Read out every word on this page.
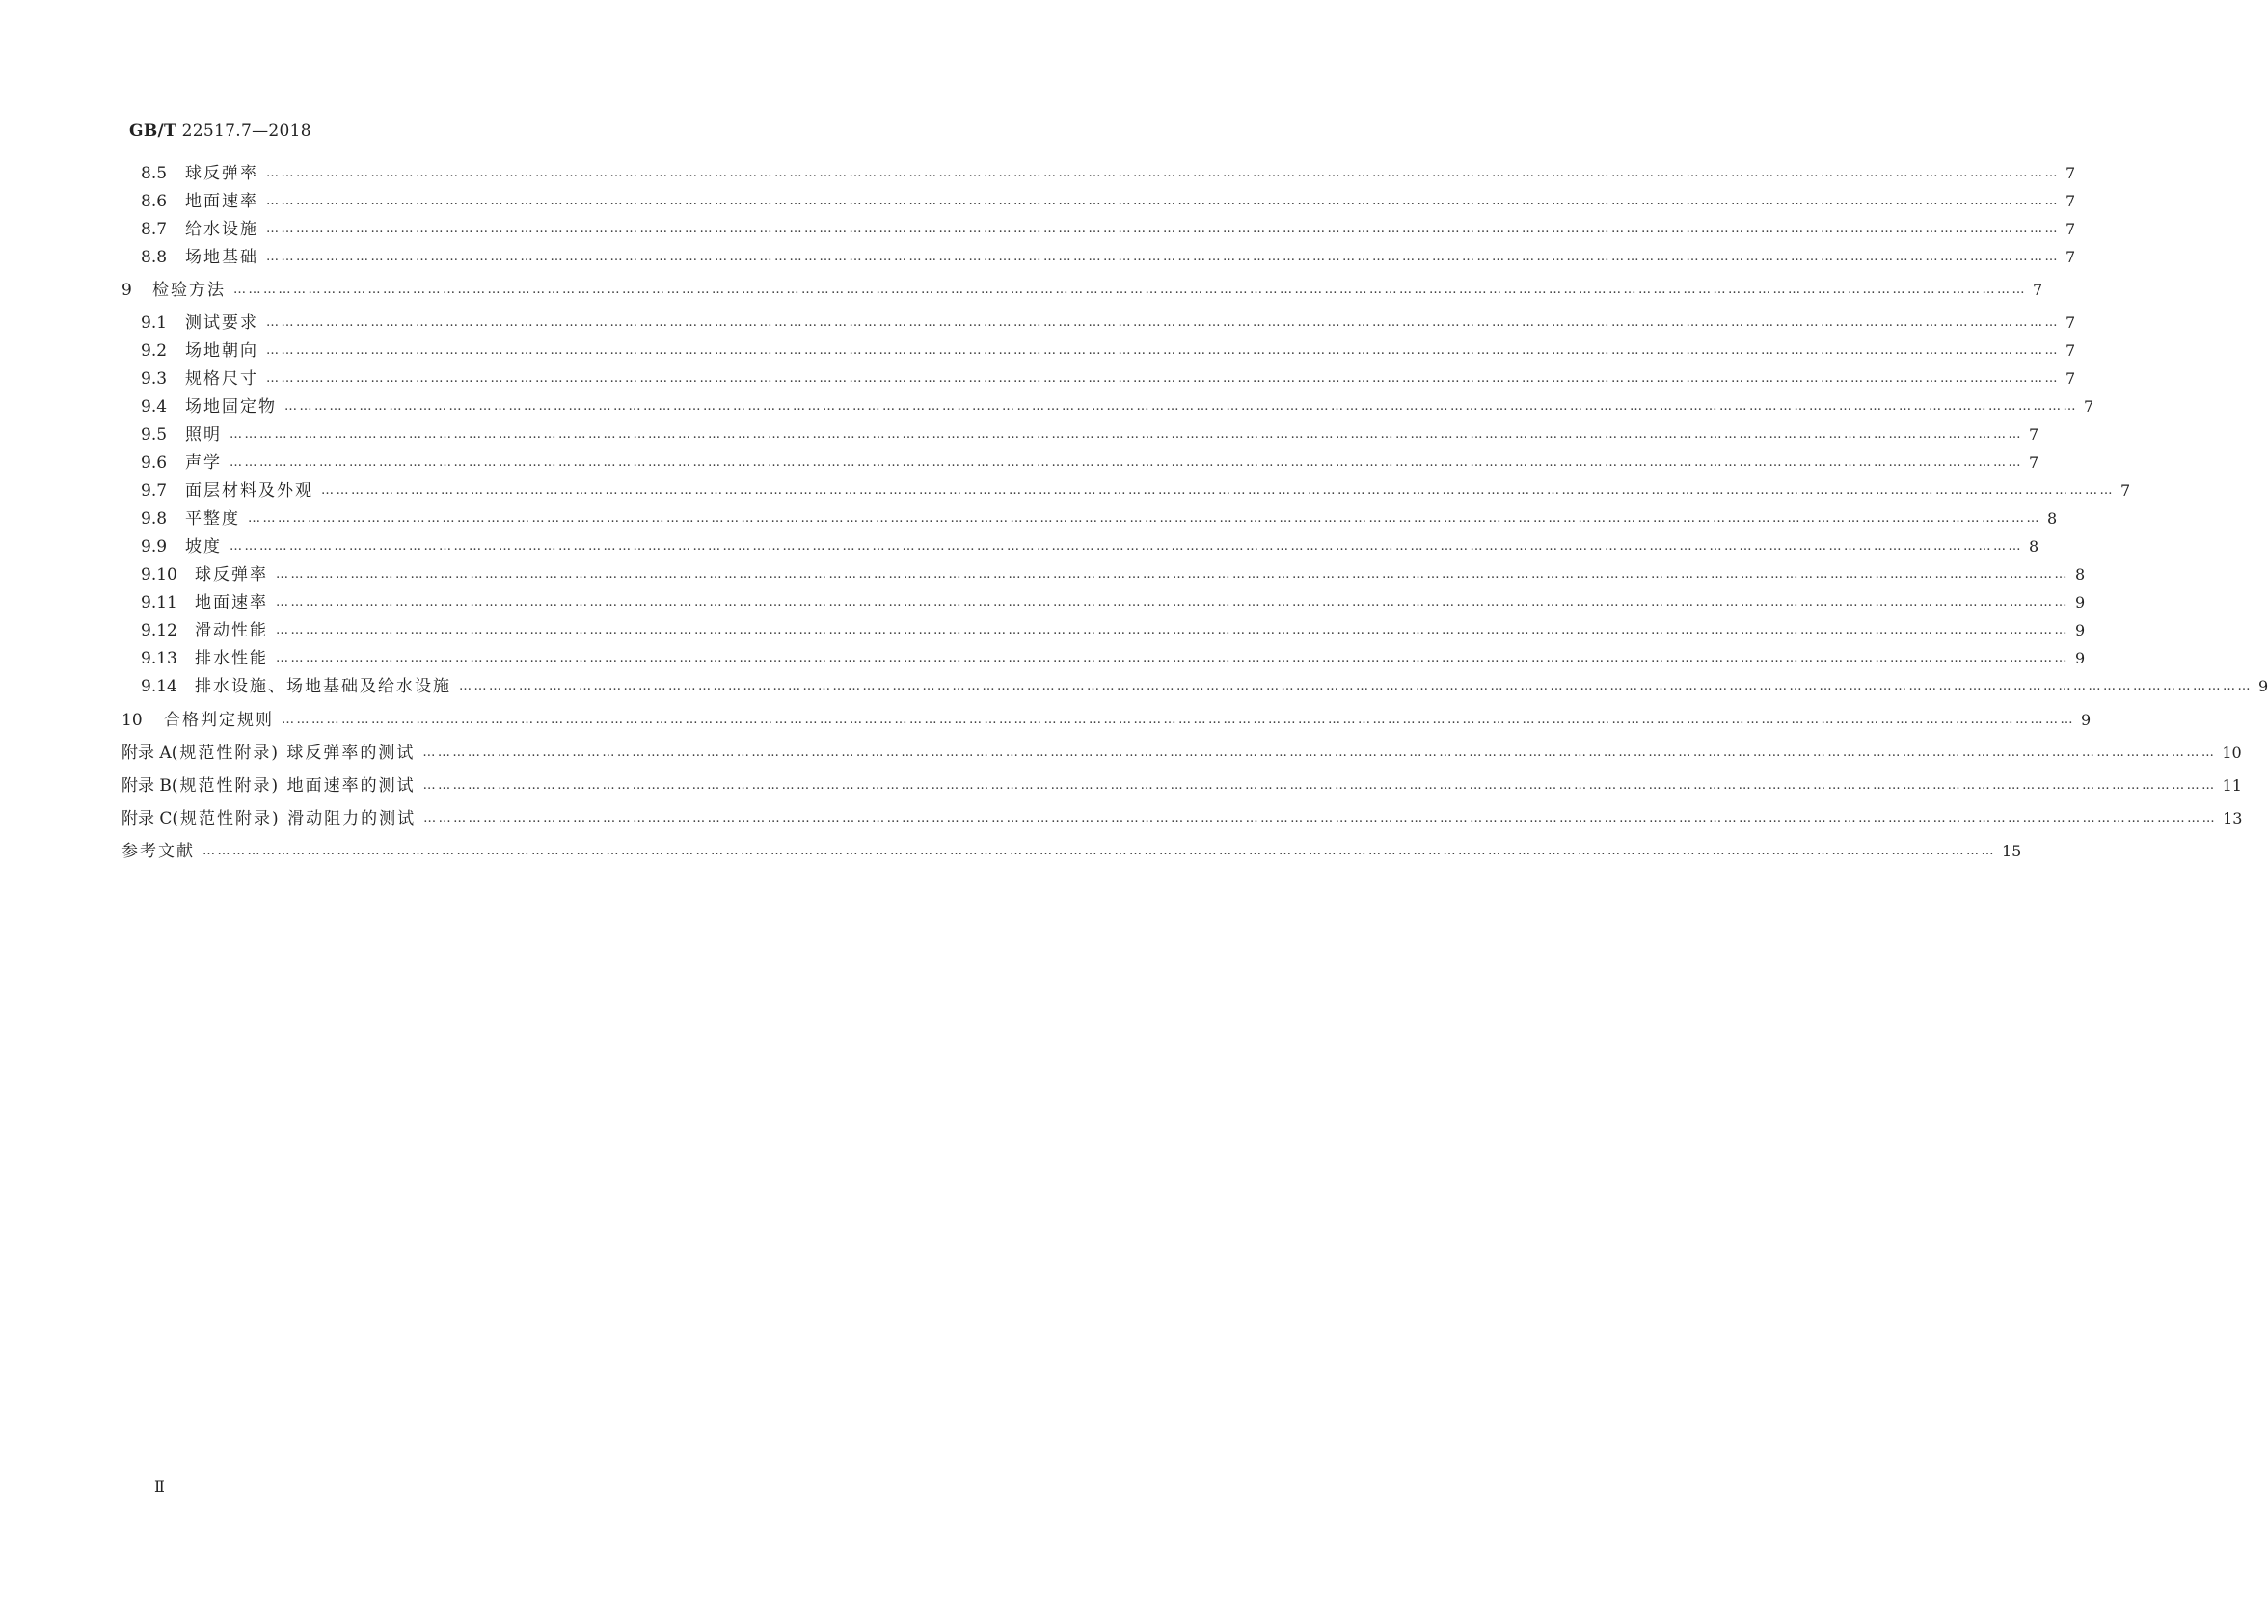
GB/T 22517.7—2018
8.5	球反弹率 ……………………………………………………………………………………………………………………………………………………………………………………………………………………………………………………………………………………………………………………………… 7
8.6	地面速率 ……………………………………………………………………………………………………………………………………………………………………………………………………………………………………………………………………………………………………………………………… 7
8.7	给水设施 ……………………………………………………………………………………………………………………………………………………………………………………………………………………………………………………………………………………………………………………………… 7
8.8	场地基础 ……………………………………………………………………………………………………………………………………………………………………………………………………………………………………………………………………………………………………………………………… 7
9	检验方法 ……………………………………………………………………………………………………………………………………………………………………………………………………………………………………………………………………………………………………………………………… 7
9.1	测试要求 ……………………………………………………………………………………………………………………………………………………………………………………………………………………………………………………………………………………………………………………………… 7
9.2	场地朝向 ……………………………………………………………………………………………………………………………………………………………………………………………………………………………………………………………………………………………………………………………… 7
9.3	规格尺寸 ……………………………………………………………………………………………………………………………………………………………………………………………………………………………………………………………………………………………………………………………… 7
9.4	场地固定物 ……………………………………………………………………………………………………………………………………………………………………………………………………………………………………………………………………………………………………………………………… 7
9.5	照明 ……………………………………………………………………………………………………………………………………………………………………………………………………………………………………………………………………………………………………………………………… 7
9.6	声学 ……………………………………………………………………………………………………………………………………………………………………………………………………………………………………………………………………………………………………………………………… 7
9.7	面层材料及外观 ……………………………………………………………………………………………………………………………………………………………………………………………………………………………………………………………………………………………………………………………… 7
9.8	平整度 ……………………………………………………………………………………………………………………………………………………………………………………………………………………………………………………………………………………………………………………………… 8
9.9	坡度 ……………………………………………………………………………………………………………………………………………………………………………………………………………………………………………………………………………………………………………………………… 8
9.10	球反弹率 ……………………………………………………………………………………………………………………………………………………………………………………………………………………………………………………………………………………………………………………………… 8
9.11	地面速率 ……………………………………………………………………………………………………………………………………………………………………………………………………………………………………………………………………………………………………………………………… 9
9.12	滑动性能 ……………………………………………………………………………………………………………………………………………………………………………………………………………………………………………………………………………………………………………………………… 9
9.13	排水性能 ……………………………………………………………………………………………………………………………………………………………………………………………………………………………………………………………………………………………………………………………… 9
9.14	排水设施、场地基础及给水设施 ……………………………………………………………………………………………………………………………………………………………………………………………………………………………………………………………………………………………………………………………… 9
10	合格判定规则 ……………………………………………………………………………………………………………………………………………………………………………………………………………………………………………………………………………………………………………………………… 9
附录 A (规范性附录) 球反弹率的测试 ……………………………………………………………………………………………………………………………………………………………………………………………………………………………………………………………………………………………………………………………… 10
附录 B (规范性附录) 地面速率的测试 ……………………………………………………………………………………………………………………………………………………………………………………………………………………………………………………………………………………………………………………………… 11
附录 C (规范性附录) 滑动阻力的测试 ……………………………………………………………………………………………………………………………………………………………………………………………………………………………………………………………………………………………………………………………… 13
参考文献 ……………………………………………………………………………………………………………………………………………………………………………………………………………………………………………………………………………………………………………………………… 15
Ⅱ
